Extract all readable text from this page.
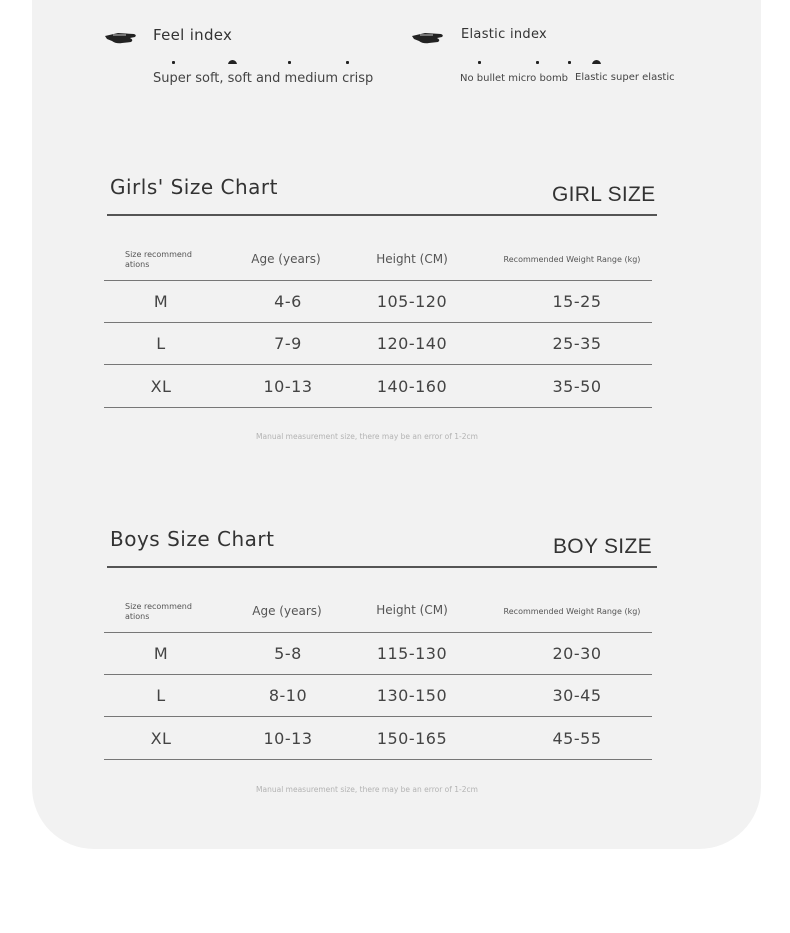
Feel index
Super soft, soft and medium crisp
Elastic index
No bullet micro bomb Elastic super elastic
Girls' Size Chart	GIRL SIZE
Size recommend ations	Age (years)	Height (CM)	Recommended Weight Range (kg)
M	4-6	105-120	15-25
L	7-9	120-140	25-35
XL	10-13	140-160	35-50
Manual measurement size, there may be an error of 1-2cm
Boys Size Chart	BOY SIZE
Size recommend ations	Age (years)	Height (CM)	Recommended Weight Range (kg)
M	5-8	115-130	20-30
L	8-10	130-150	30-45
XL	10-13	150-165	45-55
Manual measurement size, there may be an error of 1-2cm
